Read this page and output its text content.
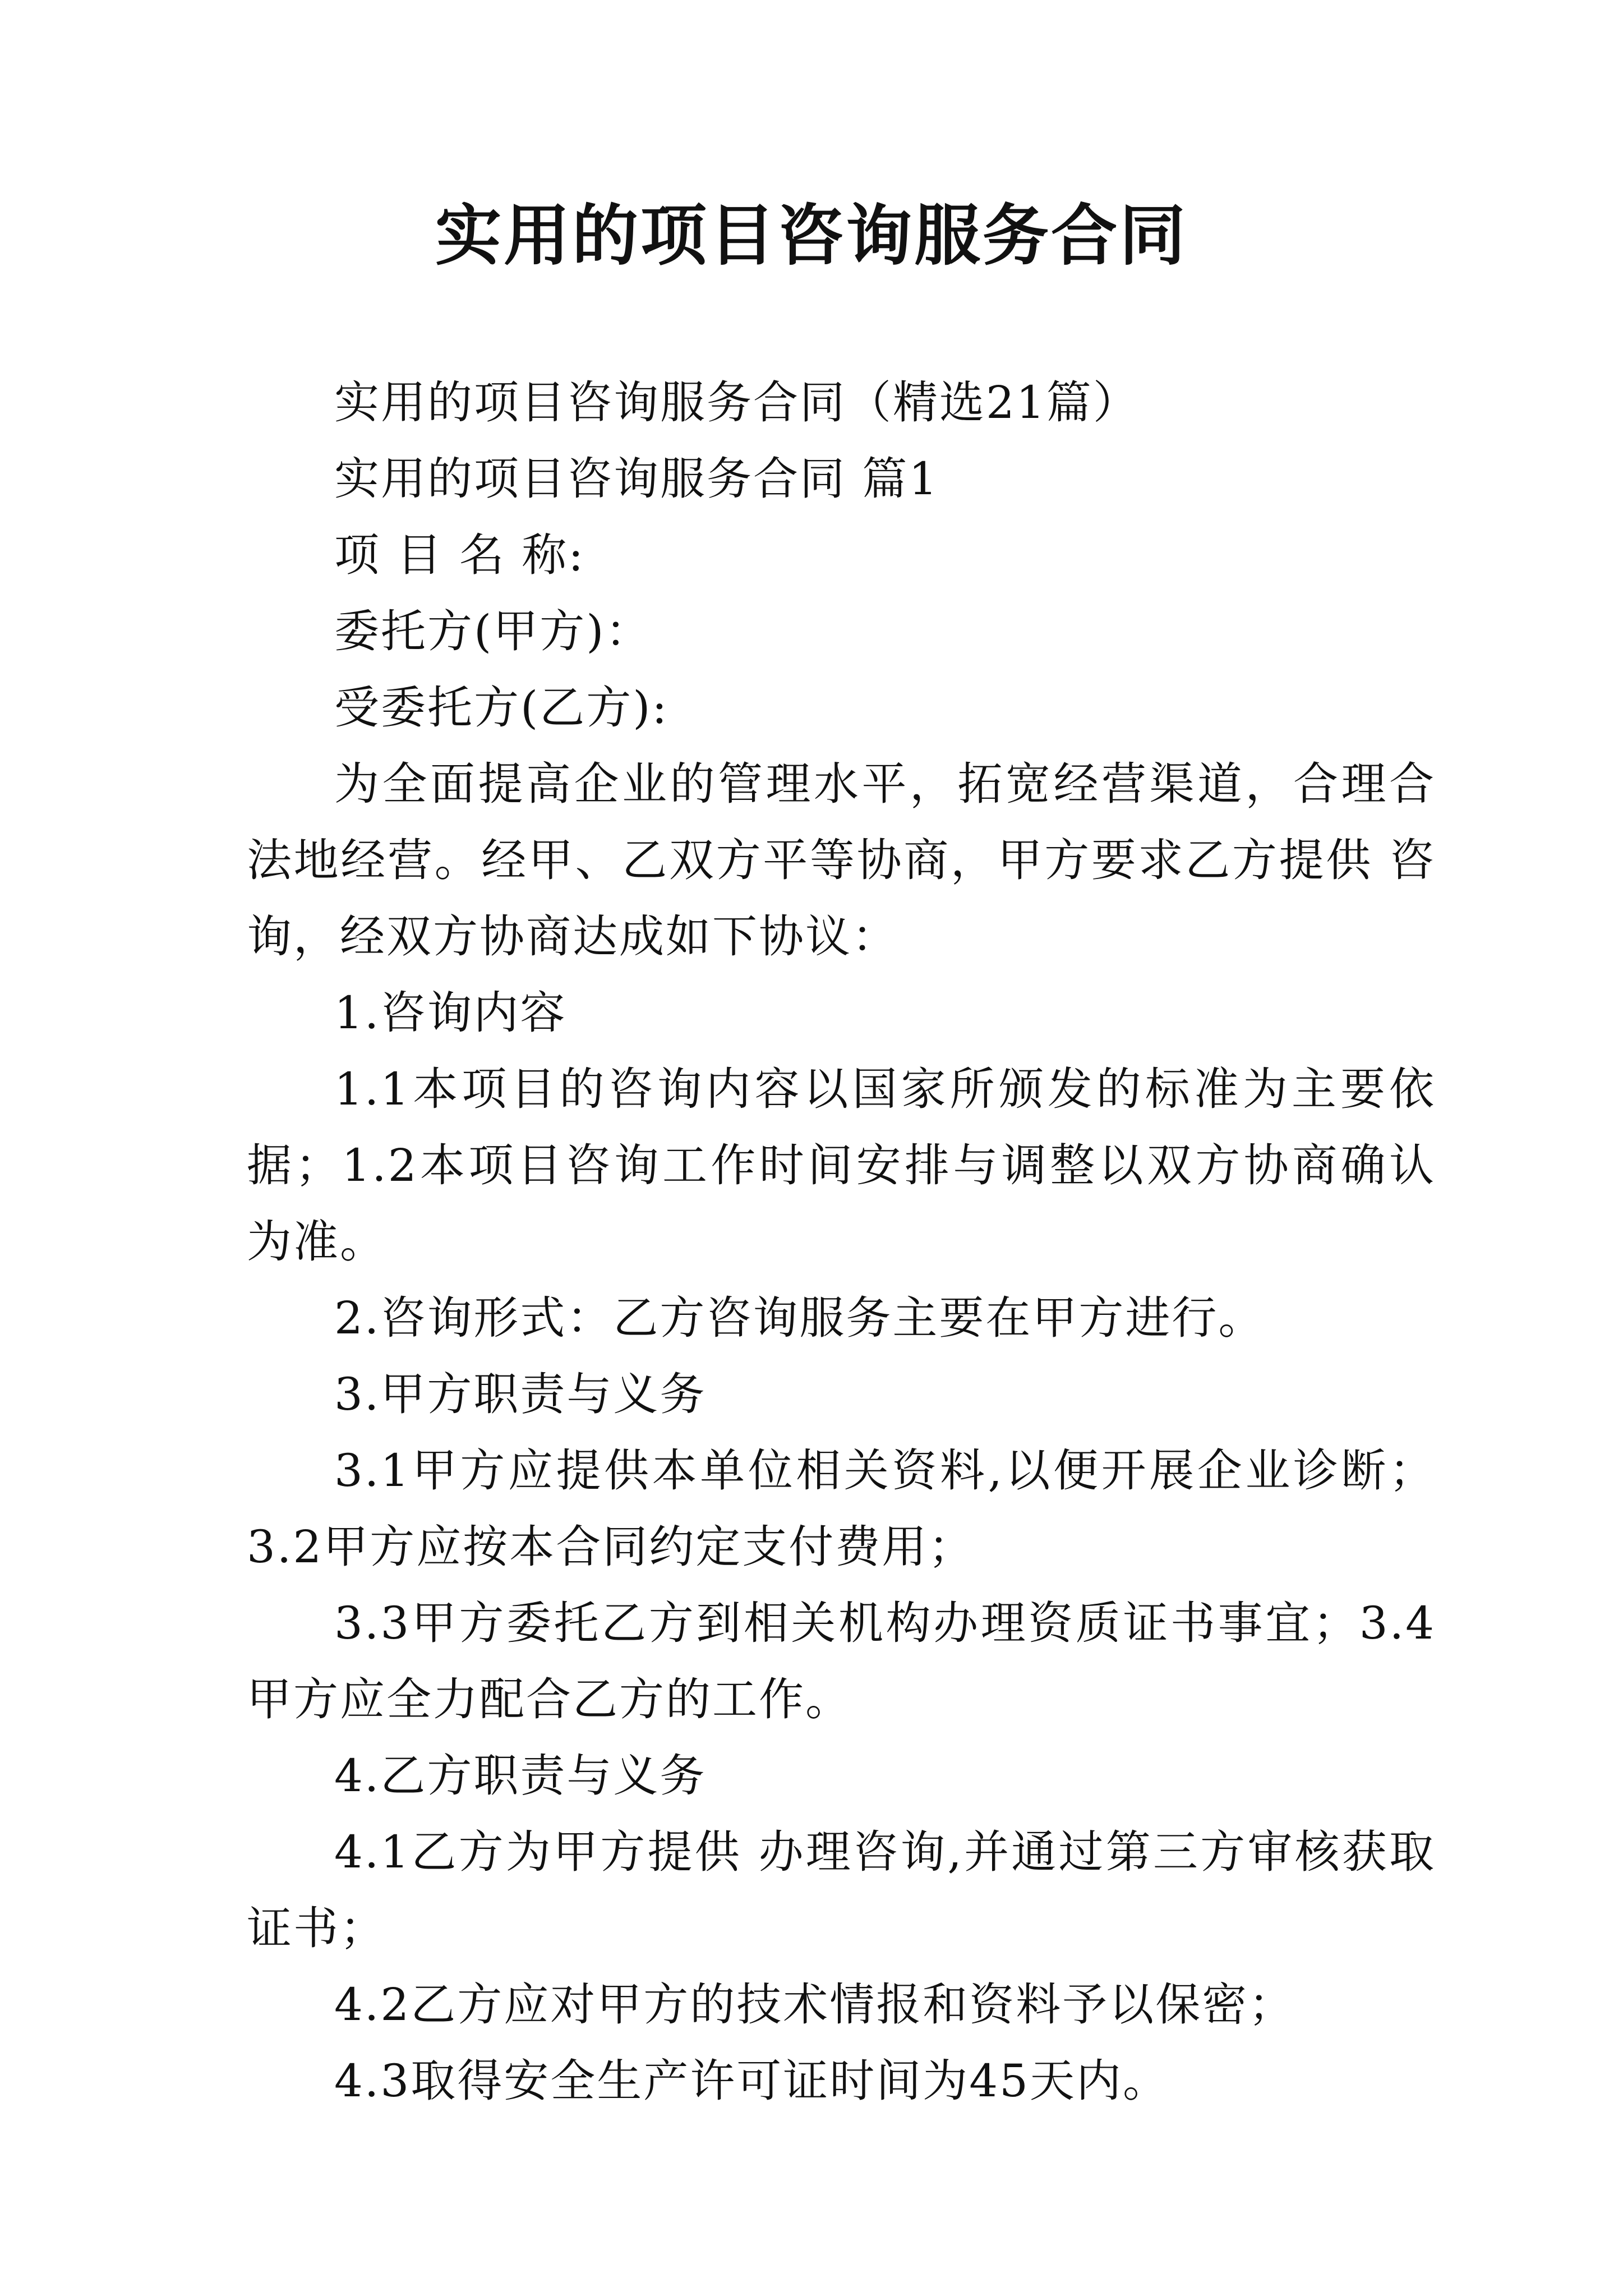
实用的项目咨询服务合同

实用的项目咨询服务合同（精选21篇）

实用的项目咨询服务合同 篇1

项 目 名 称:

委托方(甲方)：

受委托方(乙方):

为全面提高企业的管理水平，拓宽经营渠道，合理合法地经营。经甲、乙双方平等协商，甲方要求乙方提供 咨询，经双方协商达成如下协议：

1.咨询内容

1.1本项目的咨询内容以国家所颁发的标准为主要依据；1.2本项目咨询工作时间安排与调整以双方协商确认为准。

2.咨询形式：乙方咨询服务主要在甲方进行。

3.甲方职责与义务

3.1甲方应提供本单位相关资料,以便开展企业诊断；3.2甲方应按本合同约定支付费用；

3.3甲方委托乙方到相关机构办理资质证书事宜；3.4甲方应全力配合乙方的工作。

4.乙方职责与义务

4.1乙方为甲方提供 办理咨询,并通过第三方审核获取证书；

4.2乙方应对甲方的技术情报和资料予以保密；

4.3取得安全生产许可证时间为45天内。
